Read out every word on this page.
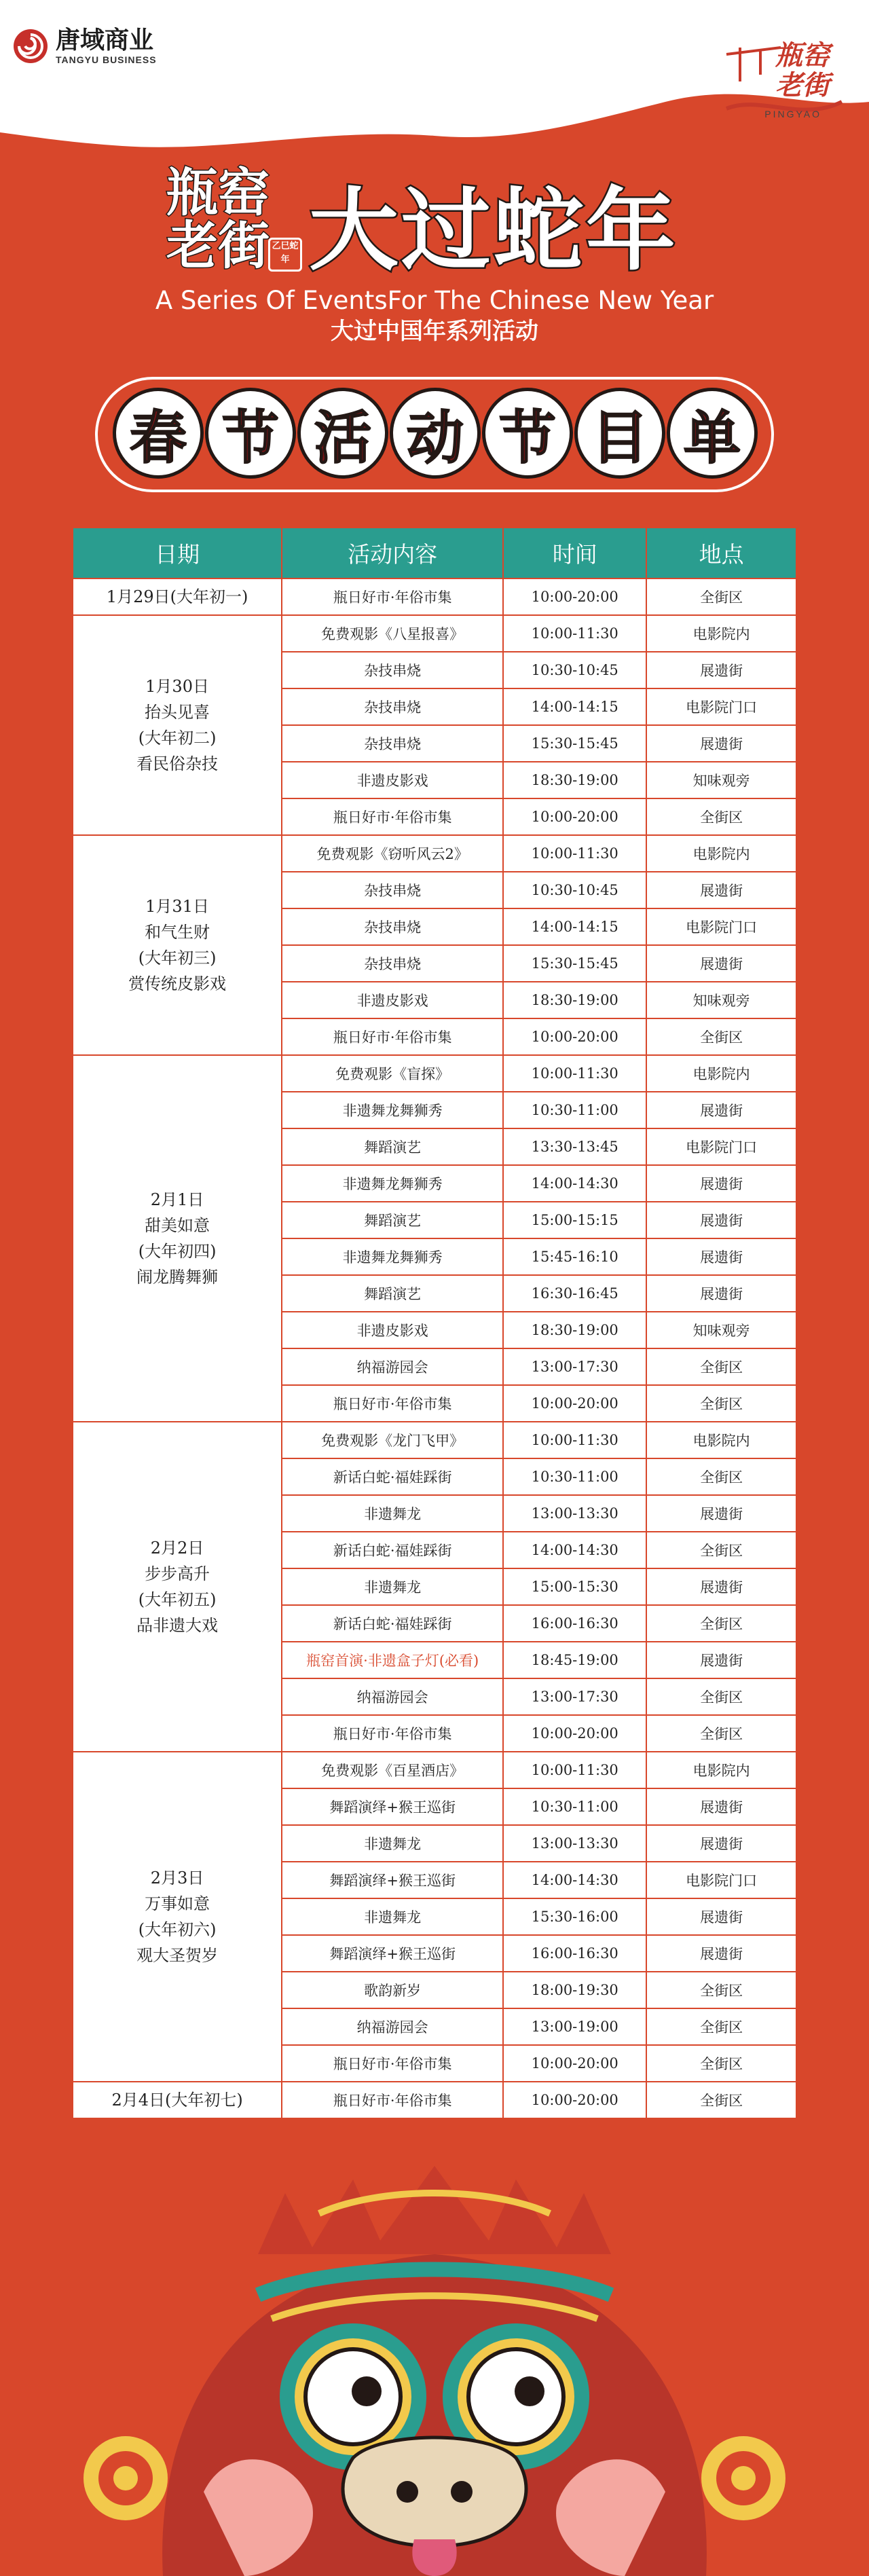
唐域商业
TANGYU BUSINESS	瓶窑
老街
PINGYAO
瓶窑
老街 乙巳蛇年 大过蛇年
A Series Of EventsFor The Chinese New Year
大过中国年系列活动
春 节 活 动 节 目 单
日期	活动内容	时间	地点

1月29日(大年初一)	瓶日好市·年俗市集	10:00-20:00	全街区

1月30日
抬头见喜
(大年初二)
看民俗杂技	免费观影《八星报喜》	10:00-11:30	电影院内
	杂技串烧	10:30-10:45	展遗街
	杂技串烧	14:00-14:15	电影院门口
	杂技串烧	15:30-15:45	展遗街
	非遗皮影戏	18:30-19:00	知味观旁
	瓶日好市·年俗市集	10:00-20:00	全街区

1月31日
和气生财
(大年初三)
赏传统皮影戏	免费观影《窃听风云2》	10:00-11:30	电影院内
	杂技串烧	10:30-10:45	展遗街
	杂技串烧	14:00-14:15	电影院门口
	杂技串烧	15:30-15:45	展遗街
	非遗皮影戏	18:30-19:00	知味观旁
	瓶日好市·年俗市集	10:00-20:00	全街区

2月1日
甜美如意
(大年初四)
闹龙腾舞狮	免费观影《盲探》	10:00-11:30	电影院内
	非遗舞龙舞狮秀	10:30-11:00	展遗街
	舞蹈演艺	13:30-13:45	电影院门口
	非遗舞龙舞狮秀	14:00-14:30	展遗街
	舞蹈演艺	15:00-15:15	展遗街
	非遗舞龙舞狮秀	15:45-16:10	展遗街
	舞蹈演艺	16:30-16:45	展遗街
	非遗皮影戏	18:30-19:00	知味观旁
	纳福游园会	13:00-17:30	全街区
	瓶日好市·年俗市集	10:00-20:00	全街区

2月2日
步步高升
(大年初五)
品非遗大戏	免费观影《龙门飞甲》	10:00-11:30	电影院内
	新话白蛇·福娃踩街	10:30-11:00	全街区
	非遗舞龙	13:00-13:30	展遗街
	新话白蛇·福娃踩街	14:00-14:30	全街区
	非遗舞龙	15:00-15:30	展遗街
	新话白蛇·福娃踩街	16:00-16:30	全街区
	瓶窑首演·非遗盒子灯(必看)	18:45-19:00	展遗街
	纳福游园会	13:00-17:30	全街区
	瓶日好市·年俗市集	10:00-20:00	全街区

2月3日
万事如意
(大年初六)
观大圣贺岁	免费观影《百星酒店》	10:00-11:30	电影院内
	舞蹈演绎+猴王巡街	10:30-11:00	展遗街
	非遗舞龙	13:00-13:30	展遗街
	舞蹈演绎+猴王巡街	14:00-14:30	电影院门口
	非遗舞龙	15:30-16:00	展遗街
	舞蹈演绎+猴王巡街	16:00-16:30	展遗街
	歌韵新岁	18:00-19:30	全街区
	纳福游园会	13:00-19:00	全街区
	瓶日好市·年俗市集	10:00-20:00	全街区

2月4日(大年初七)	瓶日好市·年俗市集	10:00-20:00	全街区
